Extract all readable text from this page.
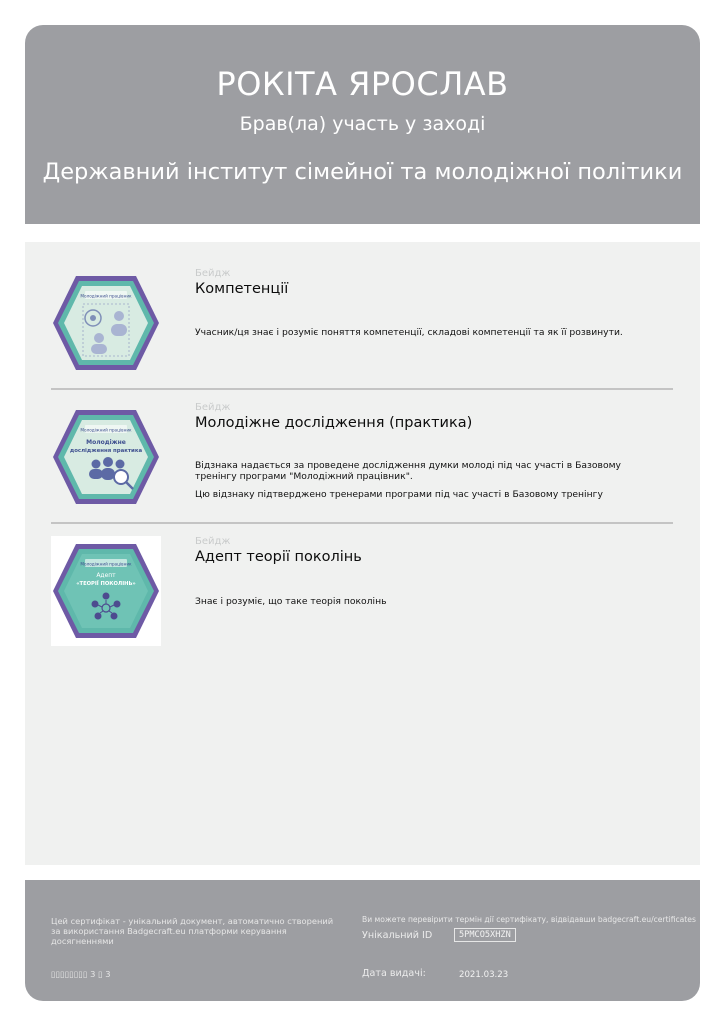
РОКІТА ЯРОСЛАВ
Брав(ла) участь у заході
Державний інститут сімейної та молодіжної політики
Молодіжний працівник
Бейдж
Компетенції
Учасник/ця знає і розуміє поняття компетенції, складові компетенції та як її розвинути.
Молодіжний працівник
Молодіжне
дослідження практика
Бейдж
Молодіжне дослідження (практика)
Відзнака надається за проведене дослідження думки молоді під час участі в Базовому тренінгу програми "Молодіжний працівник".
Цю відзнаку підтверджено тренерами програми під час участі в Базовому тренінгу
Молодіжний працівник
Адепт
«ТЕОРІЇ ПОКОЛІНЬ»
Бейдж
Адепт теорії поколінь
Знає і розуміє, що таке теорія поколінь
Цей сертифікат - унікальний документ, автоматично створений за використання Badgecraft.eu платформи керування досягненнями
▯▯▯▯▯▯▯▯ 3 ▯ 3
Ви можете перевірити термін дії сертифікату, відвідавши badgecraft.eu/certificates
Унікальний ID	5PMCO5XHZN
Дата видачі:	2021.03.23
